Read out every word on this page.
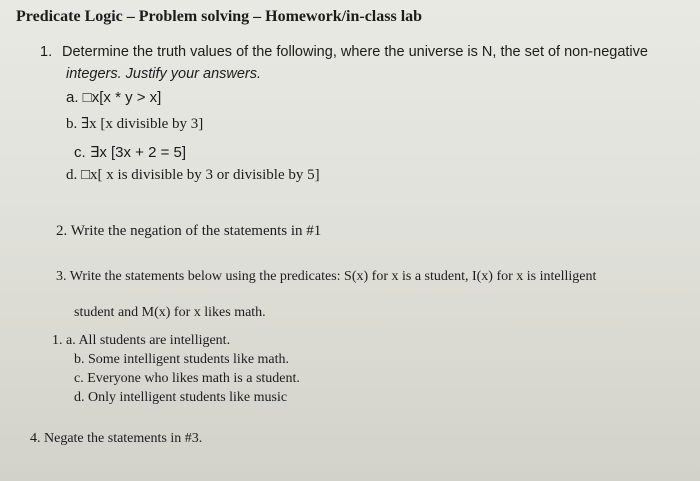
Predicate Logic – Problem solving – Homework/in-class lab
1. Determine the truth values of the following, where the universe is N, the set of non-negative
integers. Justify your answers.
a. □x[x * y > x]
b. ∃x [x divisible by 3]
c. ∃x [3x + 2 = 5]
d. □x[ x is divisible by 3 or divisible by 5]
2. Write the negation of the statements in #1
3. Write the statements below using the predicates: S(x) for x is a student, I(x) for x is intelligent
student and M(x) for x likes math.
1. a. All students are intelligent.
b. Some intelligent students like math.
c. Everyone who likes math is a student.
d. Only intelligent students like music
4. Negate the statements in #3.
